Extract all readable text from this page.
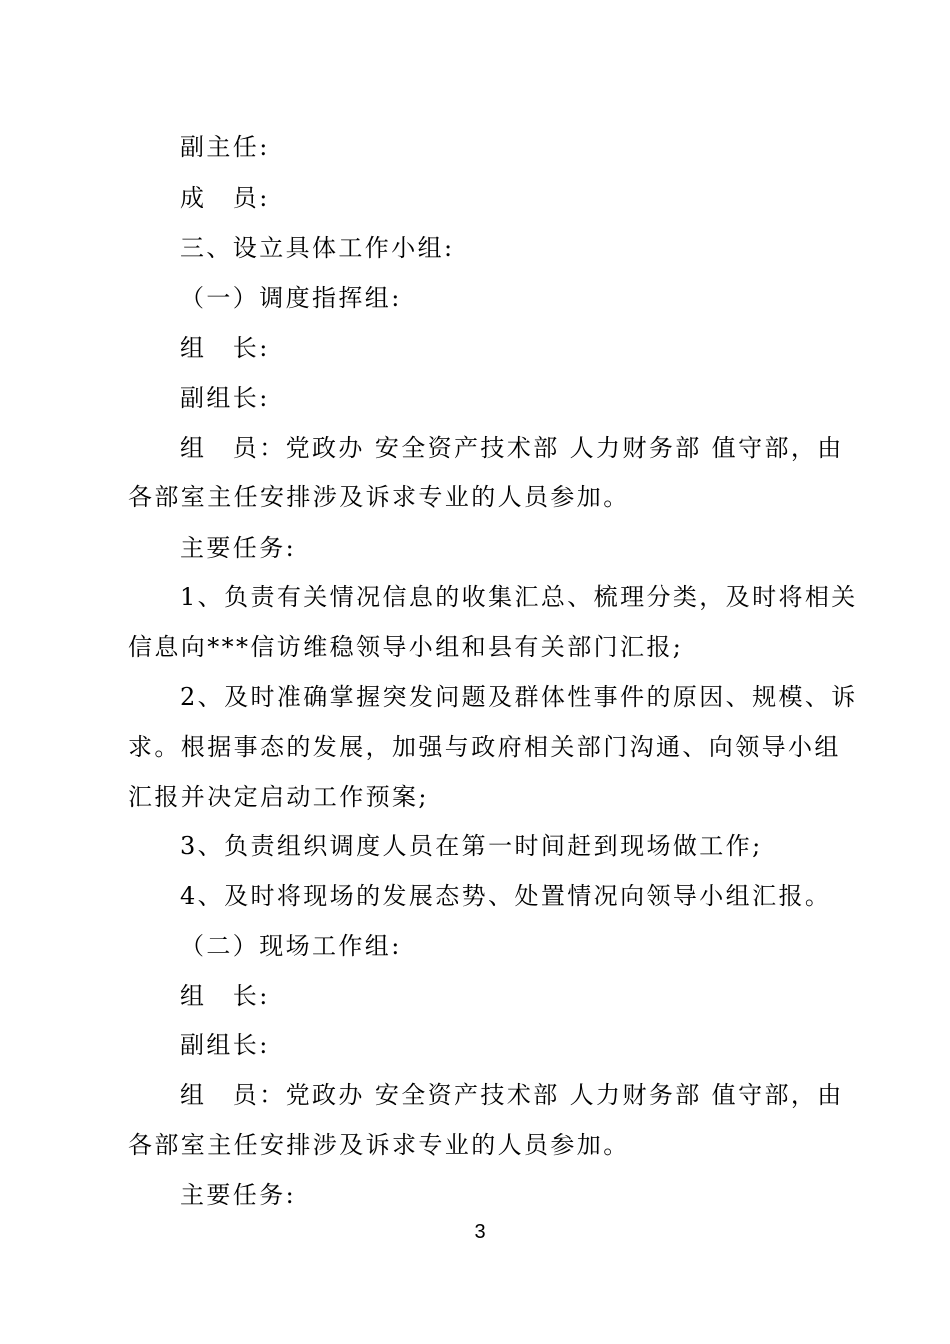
副主任:
成　员:
三、设立具体工作小组:
（一）调度指挥组:
组　长:
副组长:
组　员：党政办 安全资产技术部 人力财务部 值守部，由
各部室主任安排涉及诉求专业的人员参加。
主要任务:
1、负责有关情况信息的收集汇总、梳理分类，及时将相关
信息向***信访维稳领导小组和县有关部门汇报;
2、及时准确掌握突发问题及群体性事件的原因、规模、诉
求。根据事态的发展，加强与政府相关部门沟通、向领导小组
汇报并决定启动工作预案;
3、负责组织调度人员在第一时间赶到现场做工作;
4、及时将现场的发展态势、处置情况向领导小组汇报。
（二）现场工作组:
组　长:
副组长:
组　员：党政办 安全资产技术部 人力财务部 值守部，由
各部室主任安排涉及诉求专业的人员参加。
主要任务:
3
